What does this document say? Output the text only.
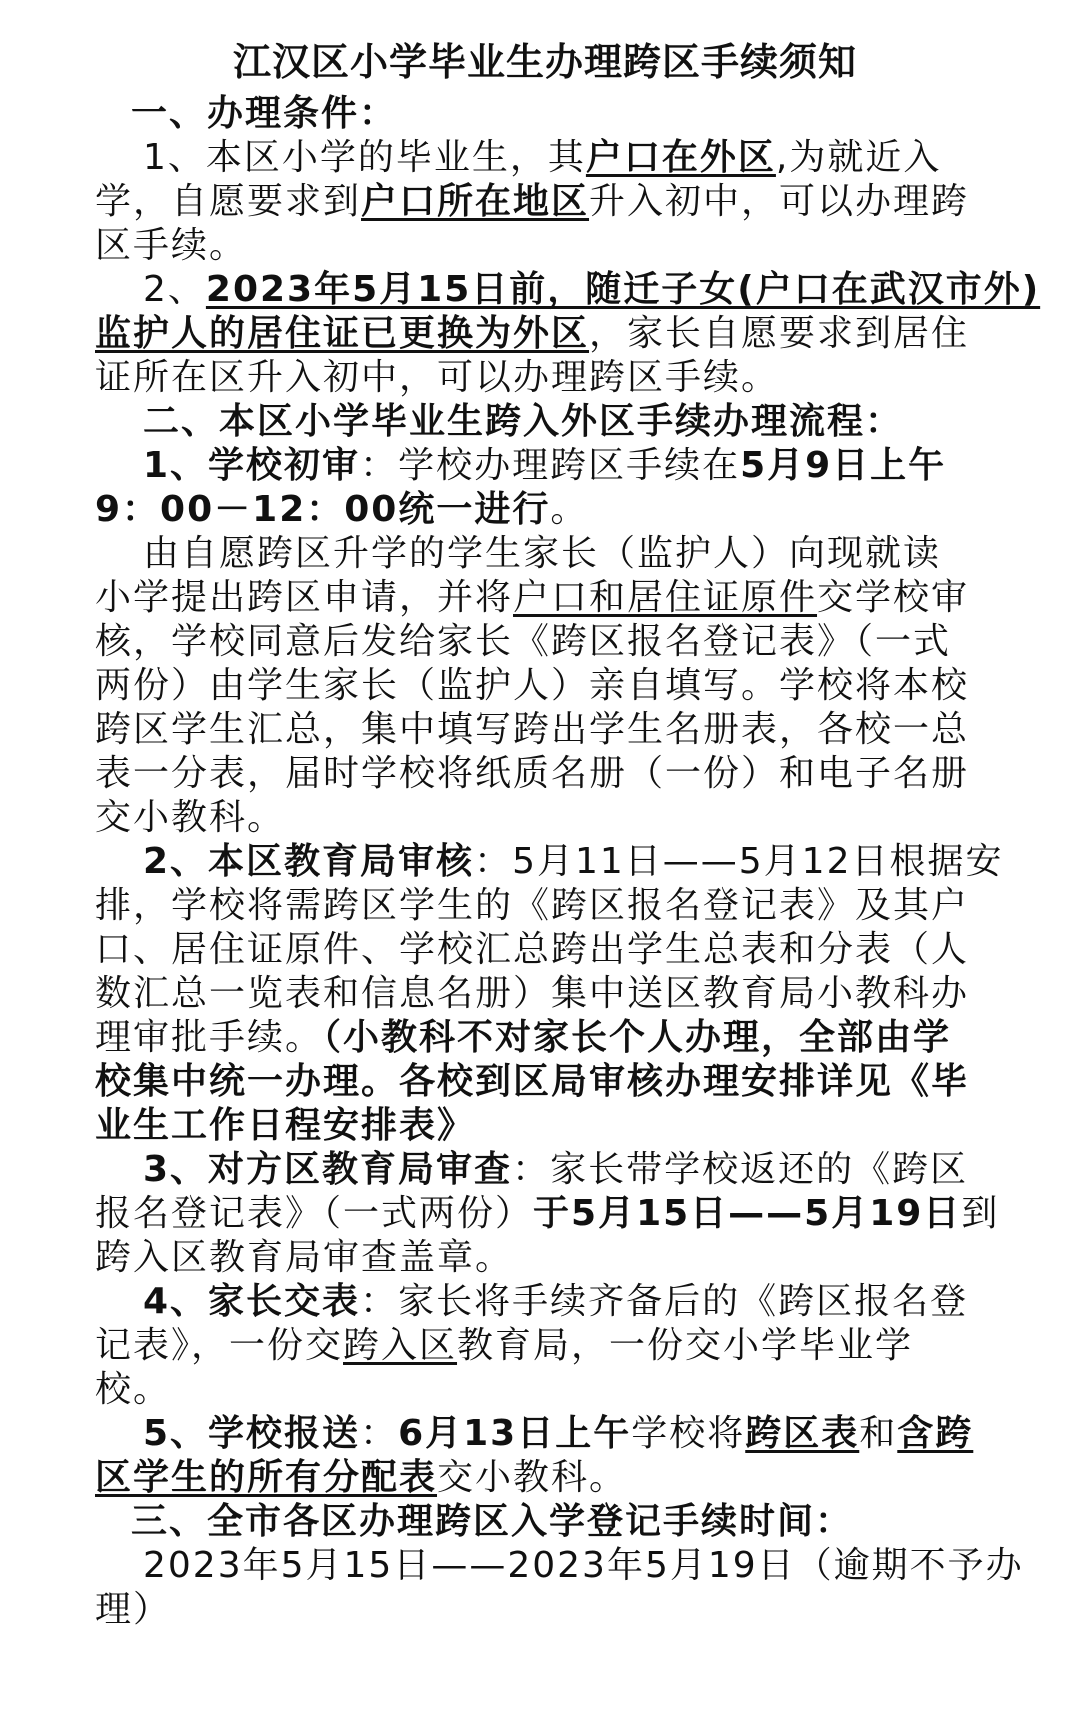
江汉区小学毕业生办理跨区手续须知
一、办理条件：
1、本区小学的毕业生，其户口在外区,为就近入
学，自愿要求到户口所在地区升入初中，可以办理跨
区手续。
2、2023年5月15日前，随迁子女(户口在武汉市外)
监护人的居住证已更换为外区，家长自愿要求到居住
证所在区升入初中，可以办理跨区手续。
二、本区小学毕业生跨入外区手续办理流程：
1、学校初审：学校办理跨区手续在5月9日上午
9：00－12：00统一进行。
由自愿跨区升学的学生家长（监护人）向现就读
小学提出跨区申请，并将户口和居住证原件交学校审
核，学校同意后发给家长《跨区报名登记表》（一式
两份）由学生家长（监护人）亲自填写。学校将本校
跨区学生汇总，集中填写跨出学生名册表，各校一总
表一分表，届时学校将纸质名册（一份）和电子名册
交小教科。
2、本区教育局审核：5月11日——5月12日根据安
排，学校将需跨区学生的《跨区报名登记表》及其户
口、居住证原件、学校汇总跨出学生总表和分表（人
数汇总一览表和信息名册）集中送区教育局小教科办
理审批手续。（小教科不对家长个人办理，全部由学
校集中统一办理。各校到区局审核办理安排详见《毕
业生工作日程安排表》
3、对方区教育局审查：家长带学校返还的《跨区
报名登记表》（一式两份）于5月15日——5月19日到
跨入区教育局审查盖章。
4、家长交表：家长将手续齐备后的《跨区报名登
记表》，一份交跨入区教育局，一份交小学毕业学
校。
5、学校报送：6月13日上午学校将跨区表和含跨
区学生的所有分配表交小教科。
三、全市各区办理跨区入学登记手续时间：
2023年5月15日——2023年5月19日（逾期不予办
理）
